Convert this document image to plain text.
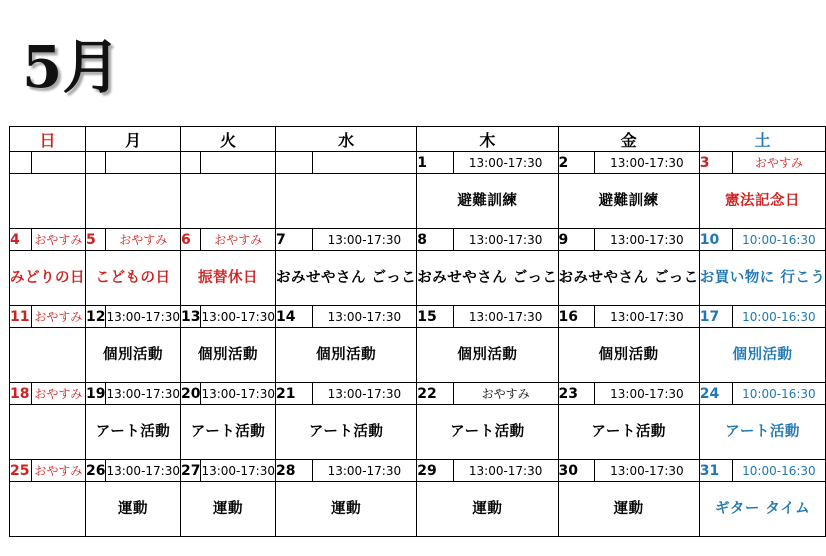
5月
日		月		火		水		木		金		土	
								1	13:00-17:30	2	13:00-17:30	3	おやすみ
								避難訓練		避難訓練		憲法記念日	
4	おやすみ	5	おやすみ	6	おやすみ	7	13:00-17:30	8	13:00-17:30	9	13:00-17:30	10	10:00-16:30
みどりの日		こどもの日		振替休日		おみせやさん ごっこ		おみせやさん ごっこ		おみせやさん ごっこ		お買い物に 行こう	
11	おやすみ	12	13:00-17:30	13	13:00-17:30	14	13:00-17:30	15	13:00-17:30	16	13:00-17:30	17	10:00-16:30
		個別活動		個別活動		個別活動		個別活動		個別活動		個別活動	
18	おやすみ	19	13:00-17:30	20	13:00-17:30	21	13:00-17:30	22	おやすみ	23	13:00-17:30	24	10:00-16:30
		アート活動		アート活動		アート活動		アート活動		アート活動		アート活動	
25	おやすみ	26	13:00-17:30	27	13:00-17:30	28	13:00-17:30	29	13:00-17:30	30	13:00-17:30	31	10:00-16:30
		運動		運動		運動		運動		運動		ギター タイム	
